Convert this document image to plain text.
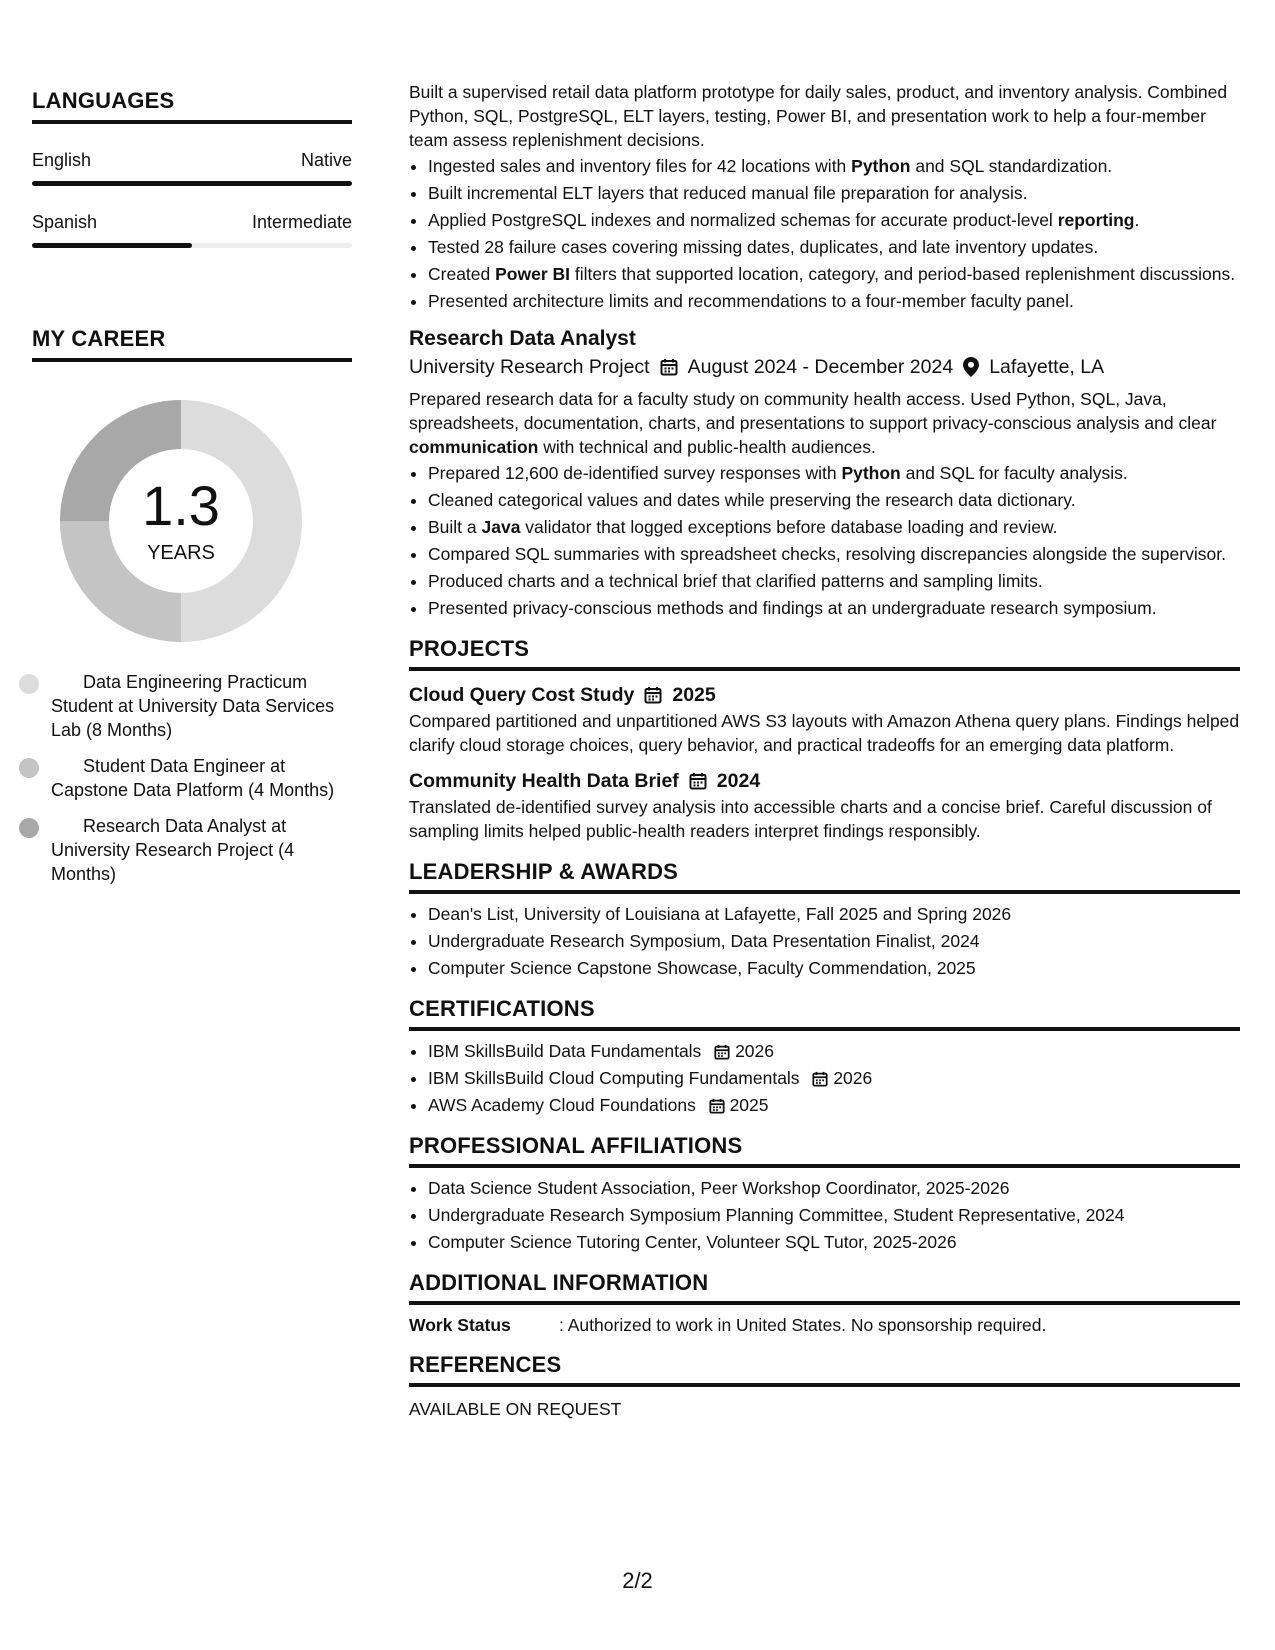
LANGUAGES
English	Native
Spanish	Intermediate
MY CAREER
1.3
YEARS
Data Engineering Practicum Student at University Data Services Lab (8 Months)
Student Data Engineer at Capstone Data Platform (4 Months)
Research Data Analyst at University Research Project (4 Months)

Built a supervised retail data platform prototype for daily sales, product, and inventory analysis. Combined Python, SQL, PostgreSQL, ELT layers, testing, Power BI, and presentation work to help a four-member team assess replenishment decisions.

• Ingested sales and inventory files for 42 locations with Python and SQL standardization.
• Built incremental ELT layers that reduced manual file preparation for analysis.
• Applied PostgreSQL indexes and normalized schemas for accurate product-level reporting.
• Tested 28 failure cases covering missing dates, duplicates, and late inventory updates.
• Created Power BI filters that supported location, category, and period-based replenishment discussions.
• Presented architecture limits and recommendations to a four-member faculty panel.
Research Data Analyst
University Research Project August 2024 - December 2024 Lafayette, LA

Prepared research data for a faculty study on community health access. Used Python, SQL, Java, spreadsheets, documentation, charts, and presentations to support privacy-conscious analysis and clear communication with technical and public-health audiences.

• Prepared 12,600 de-identified survey responses with Python and SQL for faculty analysis.
• Cleaned categorical values and dates while preserving the research data dictionary.
• Built a Java validator that logged exceptions before database loading and review.
• Compared SQL summaries with spreadsheet checks, resolving discrepancies alongside the supervisor.
• Produced charts and a technical brief that clarified patterns and sampling limits.
• Presented privacy-conscious methods and findings at an undergraduate research symposium.
PROJECTS
Cloud Query Cost Study 2025

Compared partitioned and unpartitioned AWS S3 layouts with Amazon Athena query plans. Findings helped clarify cloud storage choices, query behavior, and practical tradeoffs for an emerging data platform.

Community Health Data Brief 2024

Translated de-identified survey analysis into accessible charts and a concise brief. Careful discussion of sampling limits helped public-health readers interpret findings responsibly.

LEADERSHIP & AWARDS
• Dean's List, University of Louisiana at Lafayette, Fall 2025 and Spring 2026
• Undergraduate Research Symposium, Data Presentation Finalist, 2024
• Computer Science Capstone Showcase, Faculty Commendation, 2025
CERTIFICATIONS
• IBM SkillsBuild Data Fundamentals 2026
• IBM SkillsBuild Cloud Computing Fundamentals 2026
• AWS Academy Cloud Foundations 2025
PROFESSIONAL AFFILIATIONS
• Data Science Student Association, Peer Workshop Coordinator, 2025-2026
• Undergraduate Research Symposium Planning Committee, Student Representative, 2024
• Computer Science Tutoring Center, Volunteer SQL Tutor, 2025-2026
ADDITIONAL INFORMATION
Work Status	: Authorized to work in United States. No sponsorship required.
REFERENCES

AVAILABLE ON REQUEST

2/2
